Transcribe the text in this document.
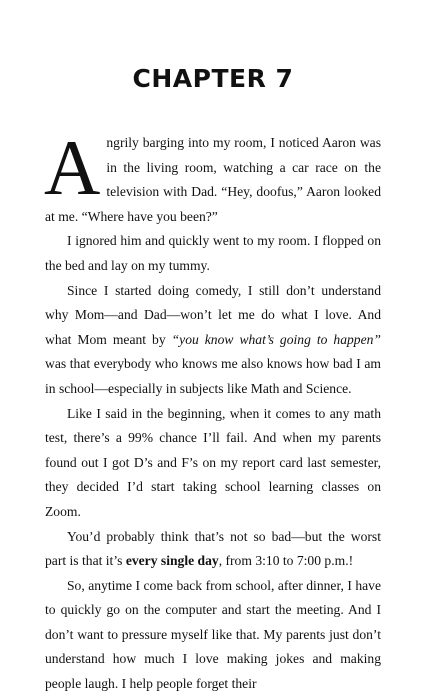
CHAPTER 7

Angrily barging into my room, I noticed Aaron was in the living room, watching a car race on the television with Dad. “Hey, doofus,” Aaron looked at me. “Where have you been?”

I ignored him and quickly went to my room. I flopped on the bed and lay on my tummy.

Since I started doing comedy, I still don’t understand why Mom—and Dad—won’t let me do what I love. And what Mom meant by “you know what’s going to happen” was that everybody who knows me also knows how bad I am in school—especially in subjects like Math and Science.

Like I said in the beginning, when it comes to any math test, there’s a 99% chance I’ll fail. And when my parents found out I got D’s and F’s on my report card last semester, they decided I’d start taking school learning classes on Zoom.

You’d probably think that’s not so bad—but the worst part is that it’s every single day, from 3:10 to 7:00 p.m.!

So, anytime I come back from school, after dinner, I have to quickly go on the computer and start the meeting. And I don’t want to pressure myself like that. My parents just don’t understand how much I love making jokes and making people laugh. I help people forget their
